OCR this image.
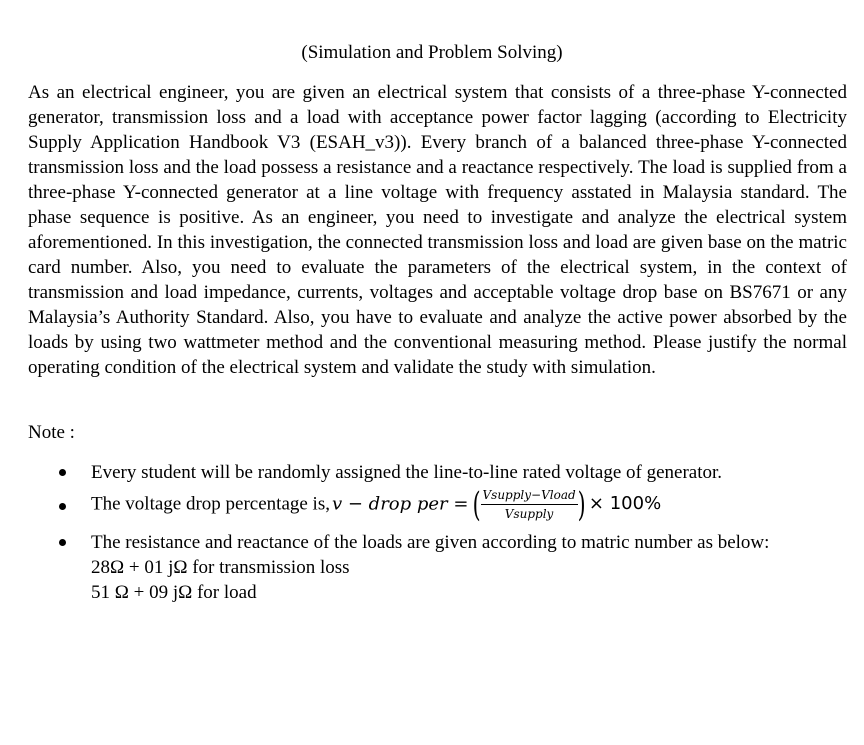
(Simulation and Problem Solving)

As an electrical engineer, you are given an electrical system that consists of a three-phase Y-connected generator, transmission loss and a load with acceptance power factor lagging (according to Electricity Supply Application Handbook V3 (ESAH_v3)). Every branch of a balanced three-phase Y-connected transmission loss and the load possess a resistance and a reactance respectively. The load is supplied from a three-phase Y-connected generator at a line voltage with frequency asstated in Malaysia standard. The phase sequence is positive. As an engineer, you need to investigate and analyze the electrical system aforementioned. In this investigation, the connected transmission loss and load are given base on the matric card number. Also, you need to evaluate the parameters of the electrical system, in the context of transmission and load impedance, currents, voltages and acceptable voltage drop base on BS7671 or any Malaysia’s Authority Standard. Also, you have to evaluate and analyze the active power absorbed by the loads by using two wattmeter method and the conventional measuring method. Please justify the normal operating condition of the electrical system and validate the study with simulation.

Note :
Every student will be randomly assigned the line-to-line rated voltage of generator.
The voltage drop percentage is, v − drop per = ( $\frac{\text{Vsupply−Vload}}{\text{Vsupply}}$ ) × 100%
The resistance and reactance of the loads are given according to matric number as below:
28Ω + 01 jΩ for transmission loss
51 Ω + 09 jΩ for load
